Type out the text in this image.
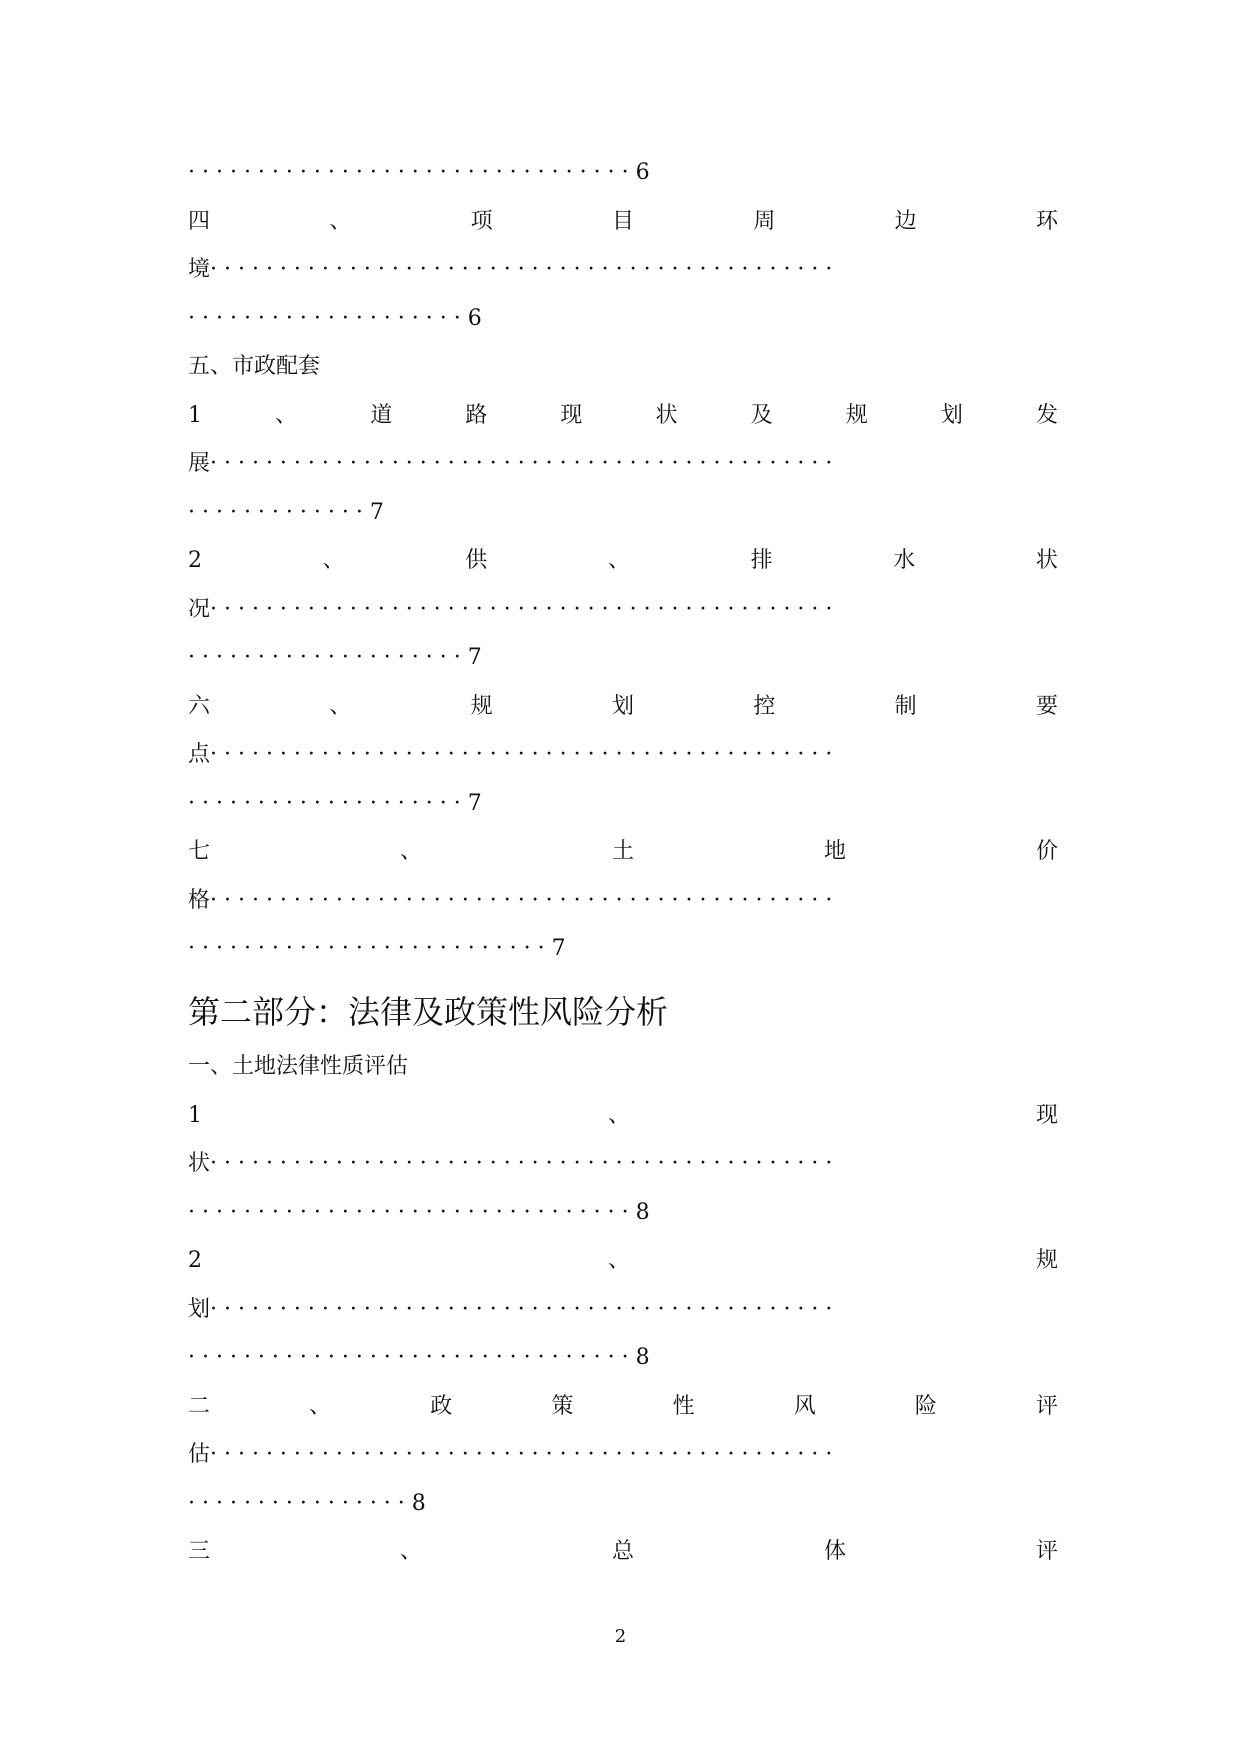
· · · · · · · · · · · · · · · · · · · · · · · · · · · · · · · · 6
四	、	项	目	周	边	环
境· · · · · · · · · · · · · · · · · · · · · · · · · · · · · · · · · · · · · · · · · · · · ·
· · · · · · · · · · · · · · · · · · · · 6
五、市政配套
1	、	道	路	现	状	及	规	划	发
展· · · · · · · · · · · · · · · · · · · · · · · · · · · · · · · · · · · · · · · · · · · · ·
· · · · · · · · · · · · · 7
2	、	供	、	排	水	状
况· · · · · · · · · · · · · · · · · · · · · · · · · · · · · · · · · · · · · · · · · · · · ·
· · · · · · · · · · · · · · · · · · · · 7
六	、	规	划	控	制	要
点· · · · · · · · · · · · · · · · · · · · · · · · · · · · · · · · · · · · · · · · · · · · ·
· · · · · · · · · · · · · · · · · · · · 7
七	、	土	地	价
格· · · · · · · · · · · · · · · · · · · · · · · · · · · · · · · · · · · · · · · · · · · · ·
· · · · · · · · · · · · · · · · · · · · · · · · · · 7
第二部分：法律及政策性风险分析
一、土地法律性质评估
1	、	现
状· · · · · · · · · · · · · · · · · · · · · · · · · · · · · · · · · · · · · · · · · · · · ·
· · · · · · · · · · · · · · · · · · · · · · · · · · · · · · · · 8
2	、	规
划· · · · · · · · · · · · · · · · · · · · · · · · · · · · · · · · · · · · · · · · · · · · ·
· · · · · · · · · · · · · · · · · · · · · · · · · · · · · · · · 8
二	、	政	策	性	风	险	评
估· · · · · · · · · · · · · · · · · · · · · · · · · · · · · · · · · · · · · · · · · · · · ·
· · · · · · · · · · · · · · · · 8
三	、	总	体	评
2
